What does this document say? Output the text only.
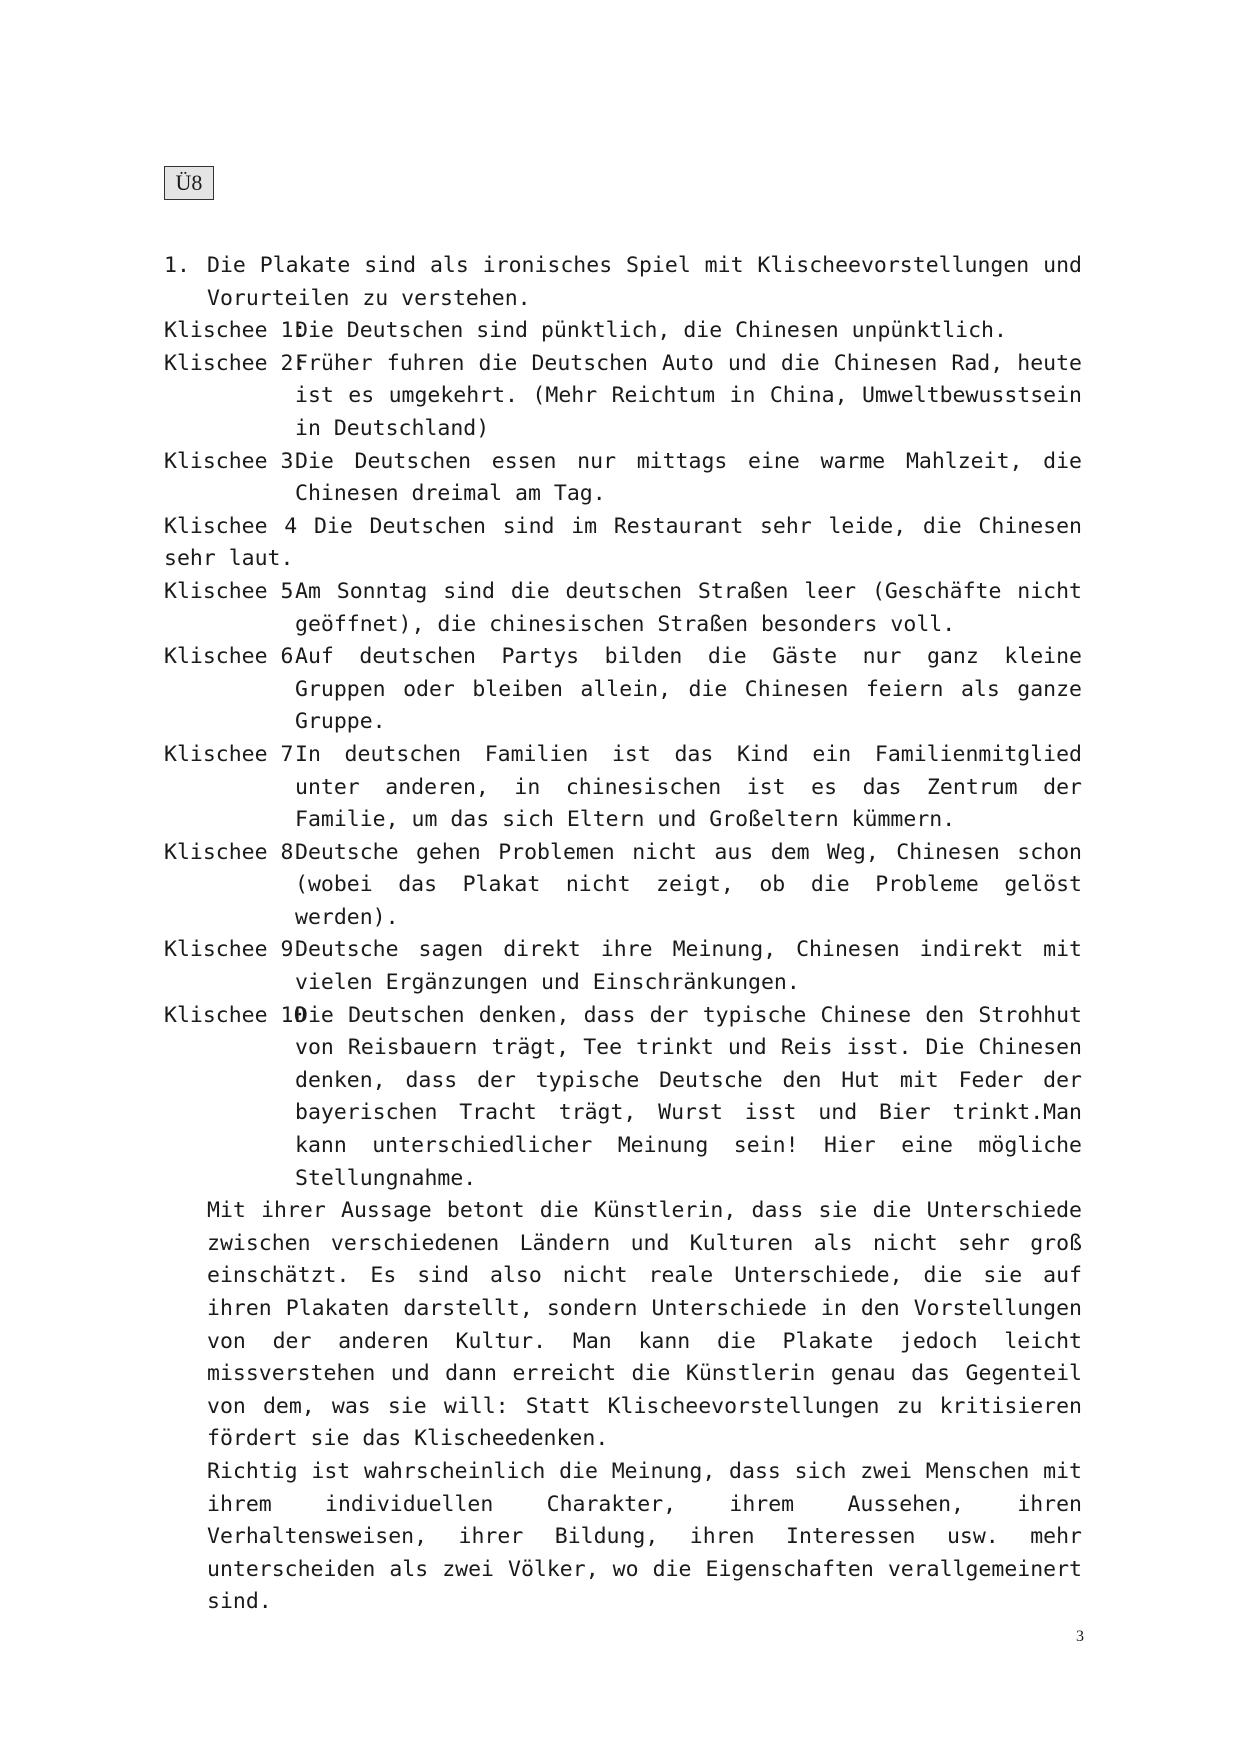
Ü8

1. Die Plakate sind als ironisches Spiel mit Klischeevorstellungen und Vorurteilen zu verstehen.

Klischee 1:
Die Deutschen sind pünktlich, die Chinesen unpünktlich.
Klischee 2:
Früher fuhren die Deutschen Auto und die Chinesen Rad, heute ist es umgekehrt. (Mehr Reichtum in China, Umweltbewusstsein in Deutschland)
Klischee 3 Die Deutschen essen nur mittags eine warme Mahlzeit, die Chinesen dreimal am Tag.

Klischee 4 Die Deutschen sind im Restaurant sehr leide, die Chinesen sehr laut.

Klischee 5 Am Sonntag sind die deutschen Straßen leer (Geschäfte nicht geöffnet), die chinesischen Straßen besonders voll.
Klischee 6 Auf deutschen Partys bilden die Gäste nur ganz kleine Gruppen oder bleiben allein, die Chinesen feiern als ganze Gruppe.
Klischee 7 In deutschen Familien ist das Kind ein Familienmitglied unter anderen, in chinesischen ist es das Zentrum der Familie, um das sich Eltern und Großeltern kümmern.
Klischee 8 Deutsche gehen Problemen nicht aus dem Weg, Chinesen schon (wobei das Plakat nicht zeigt, ob die Probleme gelöst werden).
Klischee 9 Deutsche sagen direkt ihre Meinung, Chinesen indirekt mit vielen Ergänzungen und Einschränkungen.
Klischee 10
Die Deutschen denken, dass der typische Chinese den Strohhut von Reisbauern trägt, Tee trinkt und Reis isst. Die Chinesen denken, dass der typische Deutsche den Hut mit Feder der bayerischen Tracht trägt, Wurst isst und Bier trinkt.Man kann unterschiedlicher Meinung sein! Hier eine mögliche Stellungnahme.

Mit ihrer Aussage betont die Künstlerin, dass sie die Unterschiede zwischen verschiedenen Ländern und Kulturen als nicht sehr groß einschätzt. Es sind also nicht reale Unterschiede, die sie auf ihren Plakaten darstellt, sondern Unterschiede in den Vorstellungen von der anderen Kultur. Man kann die Plakate jedoch leicht missverstehen und dann erreicht die Künstlerin genau das Gegenteil von dem, was sie will: Statt Klischeevorstellungen zu kritisieren fördert sie das Klischeedenken.

Richtig ist wahrscheinlich die Meinung, dass sich zwei Menschen mit ihrem individuellen Charakter, ihrem Aussehen, ihren Verhaltensweisen, ihrer Bildung, ihren Interessen usw. mehr unterscheiden als zwei Völker, wo die Eigenschaften verallgemeinert sind.

3
